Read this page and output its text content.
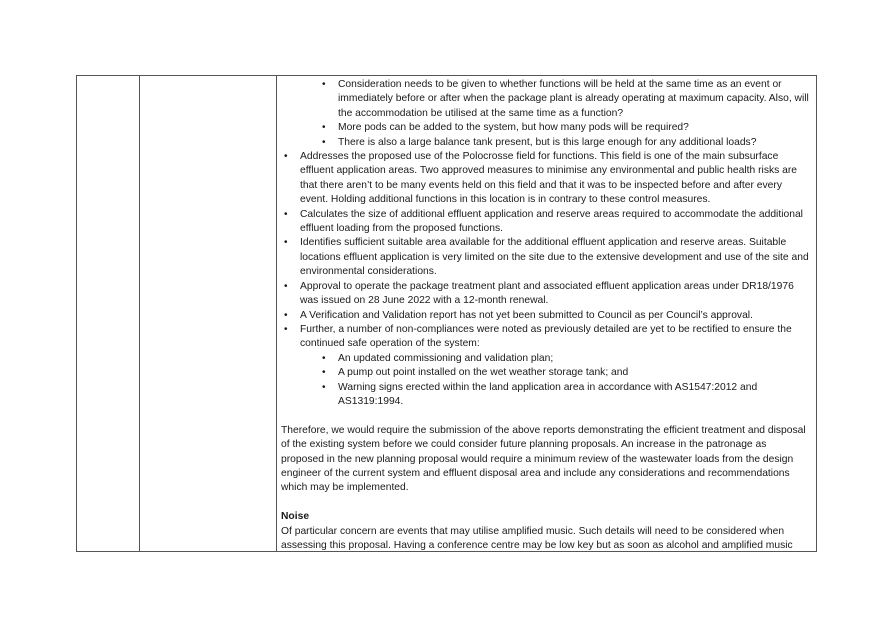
• Consideration needs to be given to whether functions will be held at the same time as an event or immediately before or after when the package plant is already operating at maximum capacity. Also, will the accommodation be utilised at the same time as a function?
• More pods can be added to the system, but how many pods will be required?
• There is also a large balance tank present, but is this large enough for any additional loads?
• Addresses the proposed use of the Polocrosse field for functions. This field is one of the main subsurface effluent application areas. Two approved measures to minimise any environmental and public health risks are that there aren’t to be many events held on this field and that it was to be inspected before and after every event. Holding additional functions in this location is in contrary to these control measures.
• Calculates the size of additional effluent application and reserve areas required to accommodate the additional effluent loading from the proposed functions.
• Identifies sufficient suitable area available for the additional effluent application and reserve areas. Suitable locations effluent application is very limited on the site due to the extensive development and use of the site and environmental considerations.
• Approval to operate the package treatment plant and associated effluent application areas under DR18/1976 was issued on 28 June 2022 with a 12-month renewal.
• A Verification and Validation report has not yet been submitted to Council as per Council’s approval.
• Further, a number of non-compliances were noted as previously detailed are yet to be rectified to ensure the continued safe operation of the system:
• An updated commissioning and validation plan;
• A pump out point installed on the wet weather storage tank; and
• Warning signs erected within the land application area in accordance with AS1547:2012 and AS1319:1994.
Therefore, we would require the submission of the above reports demonstrating the efficient treatment and disposal of the existing system before we could consider future planning proposals. An increase in the patronage as proposed in the new planning proposal would require a minimum review of the wastewater loads from the design engineer of the current system and effluent disposal area and include any considerations and recommendations which may be implemented.
Noise
Of particular concern are events that may utilise amplified music. Such details will need to be considered when assessing this proposal. Having a conference centre may be low key but as soon as alcohol and amplified music
